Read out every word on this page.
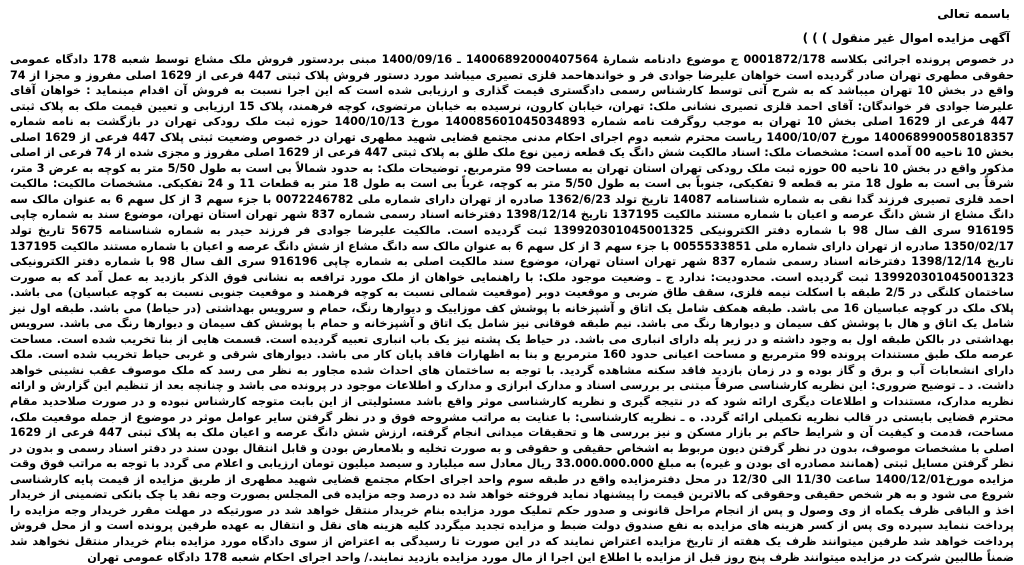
باسمه تعالی
آگهی مزایده اموال غیر منقول ) ) )

در خصوص پرونده اجرائی بکلاسه 0001872/178 ج موضوع دادنامه شمارۀ 14006892000407564 ـ 1400/09/16 مبنی بردستور فروش ملک مشاع توسط شعبه 178 دادگاه عمومی حقوقی مطهری تهران صادر گردیده است خواهان علیرضا جوادی فر و خواندهاحمد قلزی تصیری میباشد مورد دستور فروش پلاک ثبتی 447 فرعی از 1629 اصلی مفروز و مجزا از 74 واقع در بخش 10 تهران میباشد که به شرح آتی توسط کارشناس رسمی دادگستری قیمت گذاری و ارزیابی شده است که این اجرا نسبت به فروش آن اقدام مینماید : خواهان آقای علیرضا جوادی فر خواندگان: آقای احمد قلزی تصیری نشانی ملک: تهران، خیابان کارون، نرسیده به خیابان مرتضوی، کوچه فرهمند، پلاک 15 ارزیابی و تعیین قیمت ملک به پلاک ثبتی 447 فرعی از 1629 اصلی بخش 10 تهران به موجب روگرفت نامه شماره 140085601045034893 مورخ 1400/10/13 حوزه ثبت ملک رودکی تهران در بازگشت به نامه شماره 140068990058018357 مورخ 1400/10/07 ریاست محترم شعبه دوم اجرای احکام مدنی مجتمع قضایی شهید مطهری تهران در خصوص وضعیت ثبتی پلاک 447 فرعی از 1629 اصلی بخش 10 ناحیه 00 آمده است: مشخصات ملک: اسناد مالکیت شش دانگ یک قطعه زمین نوع ملک طلق به پلاک ثبتی 447 فرعی از 1629 اصلی مفروز و مجزی شده از 74 فرعی از اصلی مذکور واقع در بخش 10 ناحیه 00 حوزه ثبت ملک رودکی تهران استان تهران به مساحت 99 مترمربع. توضیحات ملک: به حدود شمالاً بی است به طول 5/50 متر به کوچه به عرض 3 متر، شرقاً بی است به طول 18 متر به قطعه 9 تفکیکی، جنوباً بی است به طول 5/50 متر به کوچه، غرباً بی است به طول 18 متر به قطعات 11 و 24 تفکیکی. مشخصات مالکیت: مالکیت احمد قلزی تصیری فرزند گدا نقی به شماره شناسنامه 14087 تاریخ تولد 1362/6/23 صادره از تهران دارای شماره ملی 0072246782 با جزء سهم 3 از کل سهم 6 به عنوان مالک سه دانگ مشاع از شش دانگ عرصه و اعیان با شماره مستند مالکیت 137195 تاریخ 1398/12/14 دفترخانه اسناد رسمی شماره 837 شهر تهران استان تهران، موضوع سند به شماره چاپی 916195 سری الف سال 98 با شماره دفتر الکترونیکی 139920301045001325 ثبت گردیده است. مالکیت علیرضا جوادی فر فرزند حیدر به شماره شناسنامه 5675 تاریخ تولد 1350/02/17 صادره از تهران دارای شماره ملی 0055533851 با جزء سهم 3 از کل سهم 6 به عنوان مالک سه دانگ مشاع از شش دانگ عرصه و اعیان با شماره مستند مالکیت 137195 تاریخ 1398/12/14 دفترخانه اسناد رسمی شماره 837 شهر تهران استان تهران، موضوع سند مالکیت اصلی به شماره چاپی 916196 سری الف سال 98 با شماره دفتر الکترونیکی 139920301045001323 ثبت گردیده است. محدودیت: ندارد ج ـ وضعیت موجود ملک: با راهنمایی خواهان از ملک مورد ترافعه به نشانی فوق الذکر بازدید به عمل آمد که به صورت ساختمان کلنگی در 2/5 طبقه با اسکلت نیمه فلزی، سقف طاق ضربی و موقعیت دوبر (موقعیت شمالی نسبت به کوچه فرهمند و موقعیت جنوبی نسبت به کوچه عباسیان) می باشد. پلاک ملک در کوچه عباسیان 16 می باشد. طبقه همکف شامل یک اتاق و آشپزخانه با پوشش کف موزاییک و دیوارها رنگ، حمام و سرویس بهداشتی (در حیاط) می باشد. طبقه اول نیز شامل یک اتاق و هال با پوشش کف سیمان و دیوارها رنگ می باشد. نیم طبقه فوقانی نیز شامل یک اتاق و آشپزخانه و حمام با پوشش کف سیمان و دیوارها رنگ می باشد. سرویس بهداشتی در بالکن طبقه اول به وجود داشته و در زیر پله دارای انباری می باشد. در حیاط یک پشته نیز یک باب انباری تعبیه گردیده است. قسمت هایی از بنا تخریب شده است. مساحت عرصه ملک طبق مستندات پرونده 99 مترمربع و مساحت اعیانی حدود 160 مترمربع و بنا به اظهارات فاقد پایان کار می باشد. دیوارهای شرقی و غربی حیاط تخریب شده است. ملک دارای انشعابات آب و برق و گاز بوده و در زمان بازدید فاقد سکنه مشاهده گردید. با توجه به ساختمان های احداث شده مجاور به نظر می رسد که ملک موصوف عقب نشینی خواهد داشت. د ـ توضیح ضروری: این نظریه کارشناسی صرفاً مبتنی بر بررسی اسناد و مدارک ابرازی و مدارک و اطلاعات موجود در پرونده می باشد و چنانچه بعد از تنظیم این گزارش و ارائه نظریه مدارک، مستندات و اطلاعات دیگری ارائه شود که در نتیجه گیری و نظریه کارشناسی موثر واقع باشد مسئولیتی از این بابت متوجه کارشناس نبوده و در صورت صلاحدید مقام محترم قضایی بایستی در قالب نظریه تکمیلی ارائه گردد. ه ـ نظریه کارشناسی: با عنایت به مراتب مشروحه فوق و در نظر گرفتن سایر عوامل موثر در موضوع از جمله موقعیت ملک، مساحت، قدمت و کیفیت آن و شرایط حاکم بر بازار مسکن و نیز بررسی ها و تحقیقات میدانی انجام گرفته، ارزش شش دانگ عرصه و اعیان ملک به پلاک ثبتی 447 فرعی از 1629 اصلی با مشخصات موصوف، بدون در نظر گرفتن دیون مربوط به اشخاص حقیقی و حقوقی و به صورت تخلیه و بلامعارض بودن و قابل انتقال بودن سند در دفتر اسناد رسمی و بدون در نظر گرفتن مسایل ثبتی (همانند مصادره ای بودن و غیره) به مبلغ 33.000.000.000 ریال معادل سه میلیارد و سیصد میلیون تومان ارزیابی و اعلام می گردد با توجه به مراتب فوق وقت مزایده مورخ1400/12/01 ساعت 11/30 الی 12/30 در محل دفترمزایده واقع در طبقه سوم واحد اجرای احکام مجتمع قضایی شهید مطهری از طریق مزایده از قیمت پایه کارشناسی شروع می شود و به هر شخص حقیقی وحقوقی که بالاترین قیمت را پیشنهاد نماید فروخته خواهد شد ده درصد وجه مزایده فی المجلس بصورت وجه نقد یا چک بانکی تضمینی از خریدار اخذ و الباقی ظرف یکماه از وی وصول و پس از انجام مراحل قانونی و صدور حکم تملیک مورد مزایده بنام خریدار منتقل خواهد شد در صورتیکه در مهلت مقرر خریدار وجه مزایده را پرداخت ننماید سپرده وی پس از کسر هزینه های مزایده به نفع صندوق دولت ضبط و مزایده تجدید میگردد کلیه هزینه های نقل و انتقال به عهده طرفین پرونده است و از محل فروش پرداخت خواهد شد طرفین میتوانند ظرف یک هفته از تاریخ مزایده اعتراض نمایند که در این صورت تا رسیدگی به اعتراض از سوی دادگاه مورد مزایده بنام خریدار منتقل نخواهد شد ضمناً طالبین شرکت در مزایده میتوانند ظرف پنج روز قبل از مزایده با اطلاع این اجرا از مال مورد مزایده بازدید نمایند./ واحد اجرای احکام شعبه 178 دادگاه عمومی تهران
